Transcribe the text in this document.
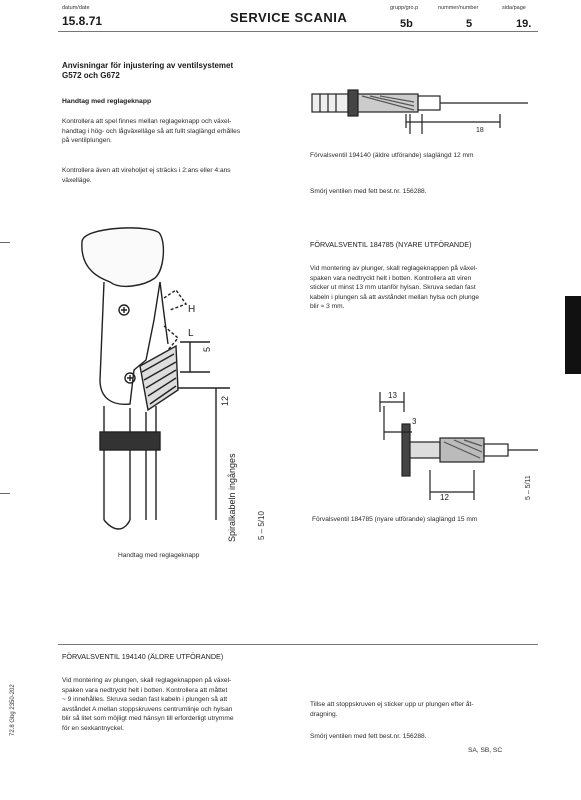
datum/date
15.8.71	SERVICE SCANIA
grupp/gro.p	nummer/number	sida/page
5b	5	19.
Anvisningar för injustering av ventilsystemet
G572 och G672
Handtag med reglageknapp
Kontrollera att spel finnes mellan reglageknapp och växel-
handtag i hög- och lågväxelläge så att fullt slaglängd erhålles
på ventilplungen.
Kontrollera även att vireholjet ej sträcks i 2:ans eller 4:ans
växelläge.
H
L
5
12
Spiralkabeln ingånges	5 – 5/10
Handtag med reglageknapp
18
Förvalsventil 194140 (äldre utförande) slaglängd 12 mm
Smörj ventilen med fett best.nr. 156288.
FÖRVALSVENTIL 184785 (NYARE UTFÖRANDE)
Vid montering av plunger, skall reglageknappen på växel-
spaken vara nedtryckt helt i botten. Kontrollera att viren
sticker ut minst 13 mm utanför hylsan. Skruva sedan fast
kabeln i plungen så att avståndet mellan hylsa och plunge
blir ≈ 3 mm.
13
3
12	5 – 5/11
Förvalsventil 184785 (nyare utförande) slaglängd 15 mm
FÖRVALSVENTIL 194140 (ÄLDRE UTFÖRANDE)
Vid montering av plungen, skall reglageknappen på växel-
spaken vara nedtryckt helt i botten. Kontrollera att måttet
~ 9 innehålles. Skruva sedan fast kabeln i plungen så att
avståndet A mellan stoppskruvens centrumlinje och hylsan
blir så litet som möjligt med hänsyn till erforderligt utrymme
för en sexkantnyckel.
Tillse att stoppskruven ej sticker upp ur plungen efter åt-
dragning.
Smörj ventilen med fett best.nr. 156288.
SA, SB, SC
72.8 Gbg 2350-202
